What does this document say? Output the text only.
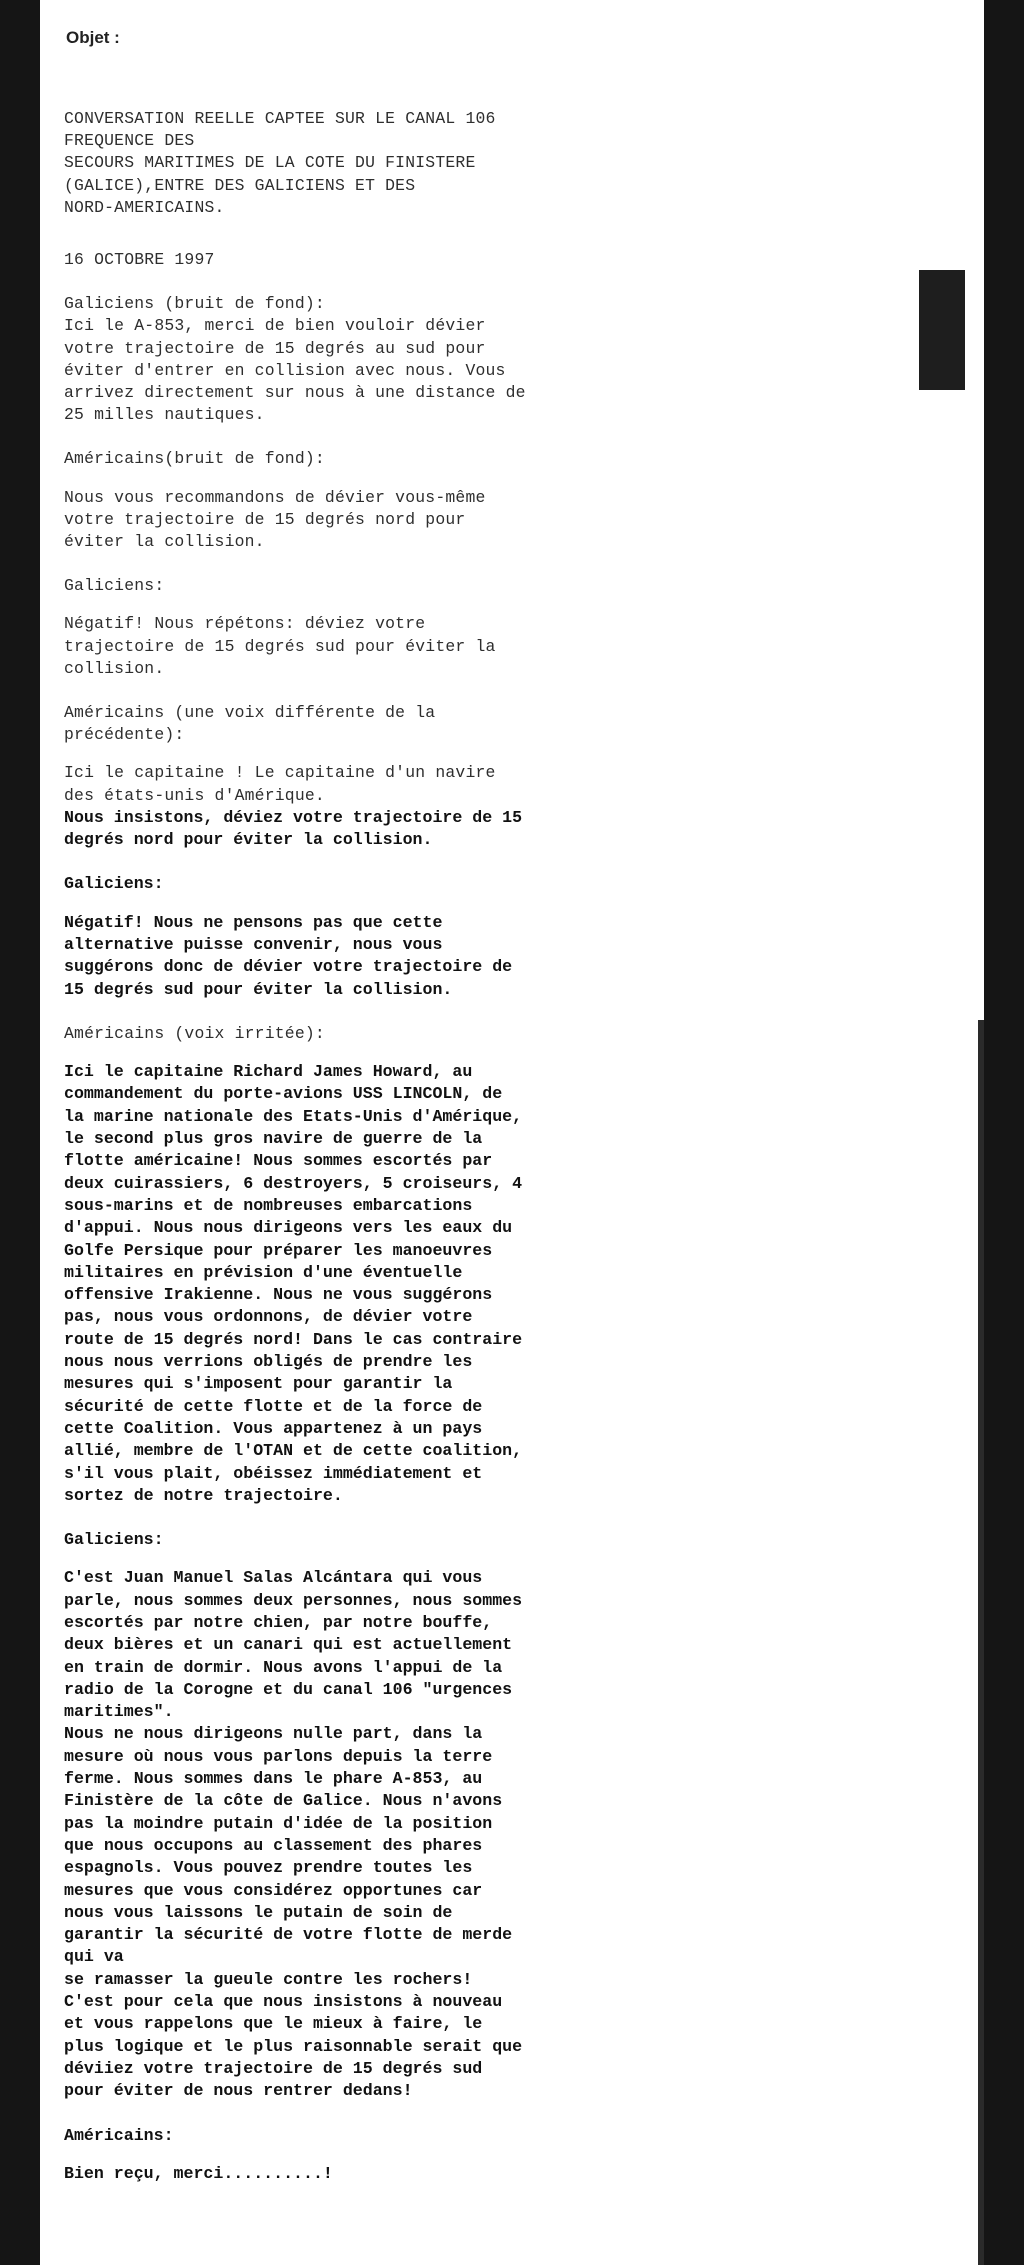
Objet :
CONVERSATION REELLE CAPTEE SUR LE CANAL 106
FREQUENCE DES
SECOURS MARITIMES DE LA COTE DU FINISTERE
(GALICE),ENTRE DES GALICIENS ET DES
NORD-AMERICAINS.
16 OCTOBRE 1997
Galiciens (bruit de fond):
Ici le A-853, merci de bien vouloir dévier
votre trajectoire de 15 degrés au sud pour
éviter d'entrer en collision avec nous. Vous
arrivez directement sur nous à une distance de
25 milles nautiques.
Américains(bruit de fond):
Nous vous recommandons de dévier vous-même
votre trajectoire de 15 degrés nord pour
éviter la collision.
Galiciens:
Négatif! Nous répétons: déviez votre
trajectoire de 15 degrés sud pour éviter la
collision.
Américains (une voix différente de la
précédente):
Ici le capitaine ! Le capitaine d'un navire
des états-unis d'Amérique.
Nous insistons, déviez votre trajectoire de 15
degrés nord pour éviter la collision.
Galiciens:
Négatif! Nous ne pensons pas que cette
alternative puisse convenir, nous vous
suggérons donc de dévier votre trajectoire de
15 degrés sud pour éviter la collision.
Américains (voix irritée):
Ici le capitaine Richard James Howard, au
commandement du porte-avions USS LINCOLN, de
la marine nationale des Etats-Unis d'Amérique,
le second plus gros navire de guerre de la
flotte américaine! Nous sommes escortés par
deux cuirassiers, 6 destroyers, 5 croiseurs, 4
sous-marins et de nombreuses embarcations
d'appui. Nous nous dirigeons vers les eaux du
Golfe Persique pour préparer les manoeuvres
militaires en prévision d'une éventuelle
offensive Irakienne. Nous ne vous suggérons
pas, nous vous ordonnons, de dévier votre
route de 15 degrés nord! Dans le cas contraire
nous nous verrions obligés de prendre les
mesures qui s'imposent pour garantir la
sécurité de cette flotte et de la force de
cette Coalition. Vous appartenez à un pays
allié, membre de l'OTAN et de cette coalition,
s'il vous plait, obéissez immédiatement et
sortez de notre trajectoire.
Galiciens:
C'est Juan Manuel Salas Alcántara qui vous
parle, nous sommes deux personnes, nous sommes
escortés par notre chien, par notre bouffe,
deux bières et un canari qui est actuellement
en train de dormir. Nous avons l'appui de la
radio de la Corogne et du canal 106 "urgences
maritimes".
Nous ne nous dirigeons nulle part, dans la
mesure où nous vous parlons depuis la terre
ferme. Nous sommes dans le phare A-853, au
Finistère de la côte de Galice. Nous n'avons
pas la moindre putain d'idée de la position
que nous occupons au classement des phares
espagnols. Vous pouvez prendre toutes les
mesures que vous considérez opportunes car
nous vous laissons le putain de soin de
garantir la sécurité de votre flotte de merde
qui va
se ramasser la gueule contre les rochers!
C'est pour cela que nous insistons à nouveau
et vous rappelons que le mieux à faire, le
plus logique et le plus raisonnable serait que
déviiez votre trajectoire de 15 degrés sud
pour éviter de nous rentrer dedans!
Américains:
Bien reçu, merci..........!
